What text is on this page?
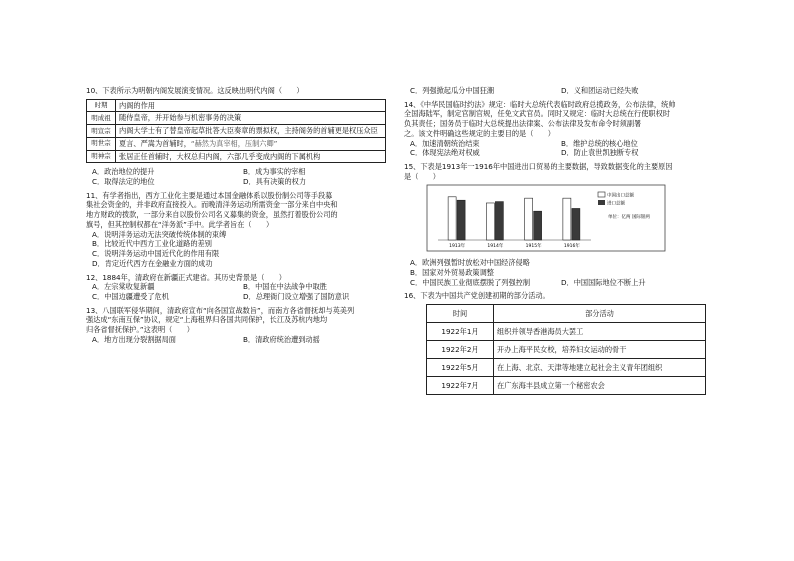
10、下表所示为明朝内阁发展演变情况。这反映出明代内阁（　　）
时期	内阁的作用
明成祖	随侍皇帝，并开始参与机密事务的决策
明宣宗	内阁大学士有了替皇帝起草批答大臣奏章的票拟权，主持阁务的首辅更是权压众臣
明世宗	夏言、严嵩为首辅时，“赫然为真宰相，压制六卿”
明神宗	张居正任首辅时，大权总归内阁，六部几乎变成内阁的下属机构
A．政治地位的提升	B．成为事实的宰相
C．取得法定的地位	D．具有决策的权力
11、有学者指出，西方工业化主要是通过本国金融体系以股份制公司等手段募
集社会资金的，并非政府直接投入。而晚清洋务运动所需资金一部分来自中央和
地方财政的拨款，一部分来自以股份公司名义募集的资金，虽然打着股份公司的
旗号，但其控制权都在“洋务派”手中。此学者旨在（　　）
A．说明洋务运动无法突破传统体制的束缚
B．比较近代中西方工业化道路的差别
C．说明洋务运动中国近代化的作用有限
D．肯定近代西方在金融业方面的成功
12、1884年，清政府在新疆正式建省。其历史背景是（　　）
A．左宗棠收复新疆	B．中国在中法战争中取胜
C．中国边疆遭受了危机	D．总理衙门设立增强了国防意识
13、八国联军侵华期间，清政府宣布“向各国宣战数旨”，而南方各省督抚却与英美列
强达成“东南互保”协议，规定“上海租界归各国共同保护，长江及苏杭内地均
归各省督抚保护。”这表明（　　）
A．地方出现分裂割据局面	B．清政府统治遭到动摇
C．列强掀起瓜分中国狂潮	D．义和团运动已经失败
14、《中华民国临时约法》规定：临时大总统代表临时政府总揽政务，公布法律，统帅
全国海陆军，制定官制官规，任免文武官员。同时又规定：临时大总统在行使职权时
负其责任；国务员于临时大总统提出法律案、公布法律及发布命令时须副署
之。该文件明确这些规定的主要目的是（　　）
A．加速清朝统治结束	B．维护总统的核心地位
C．体现宪法绝对权威	D．防止袁世凯独断专权
15、下表是1913年一1916年中国进出口贸易的主要数据，导致数据变化的主要原因
是（　　）
1913年	1914年	1915年	1916年
中国出口总额
进口总额
单位：亿两 国际银两
A．欧洲列强暂时放松对中国经济侵略
B．国家对外贸易政策调整
C．中国民族工业彻底摆脱了列强控制	D．中国国际地位不断上升
16、下表为中国共产党创建初期的部分活动。
时间	部分活动
1922年1月	组织并领导香港海员大罢工
1922年2月	开办上海平民女校，培养妇女运动的骨干
1922年5月	在上海、北京、天津等地建立起社会主义青年团组织
1922年7月	在广东海丰县成立第一个秘密农会
